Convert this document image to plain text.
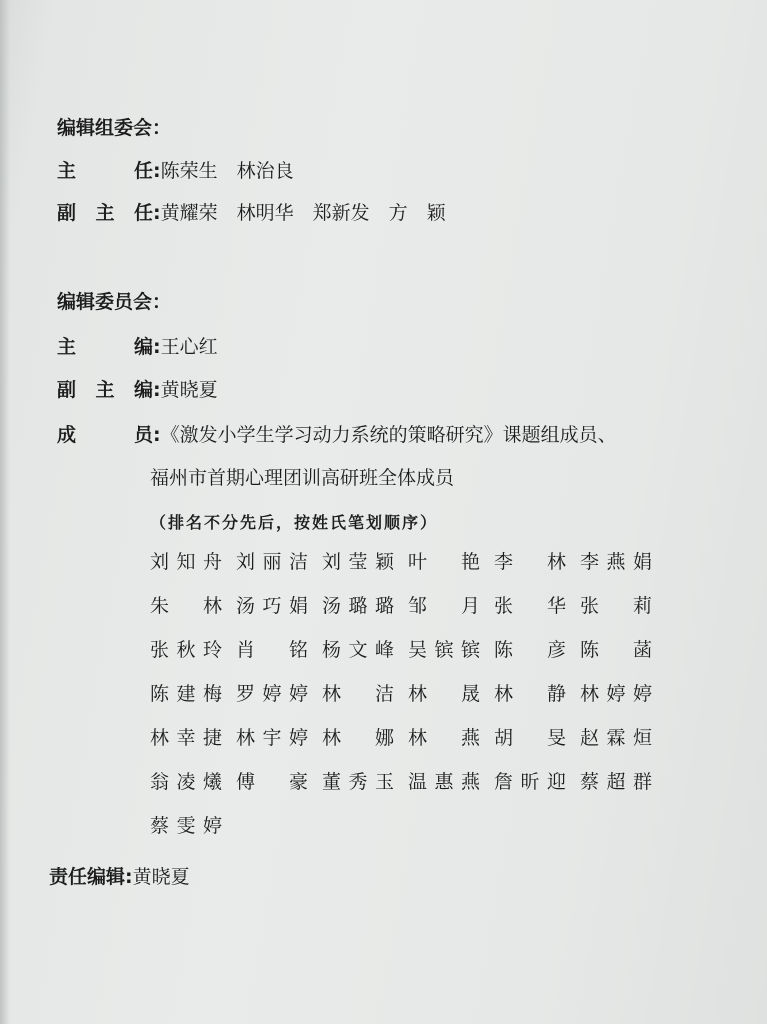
编辑组委会：
主　任:陈荣生　林治良
副主任:黄耀荣　林明华　郑新发　方　颖
编辑委员会：
主　编:王心红
副主编:黄晓夏
成　员:《激发小学生学习动力系统的策略研究》课题组成员、
福州市首期心理团训高研班全体成员
（排名不分先后，按姓氏笔划顺序）
刘知舟 刘丽洁 刘莹颖 叶 艳 李 林 李燕娟
朱 林 汤巧娟 汤璐璐 邹 月 张 华 张 莉
张秋玲 肖 铭 杨文峰 吴镔镔 陈 彦 陈 菡
陈建梅 罗婷婷 林 洁 林 晟 林 静 林婷婷
林幸捷 林宇婷 林 娜 林 燕 胡 旻 赵霖烜
翁凌爔 傅 豪 董秀玉 温惠燕 詹昕迎 蔡超群
蔡雯婷
责任编辑:黄晓夏
